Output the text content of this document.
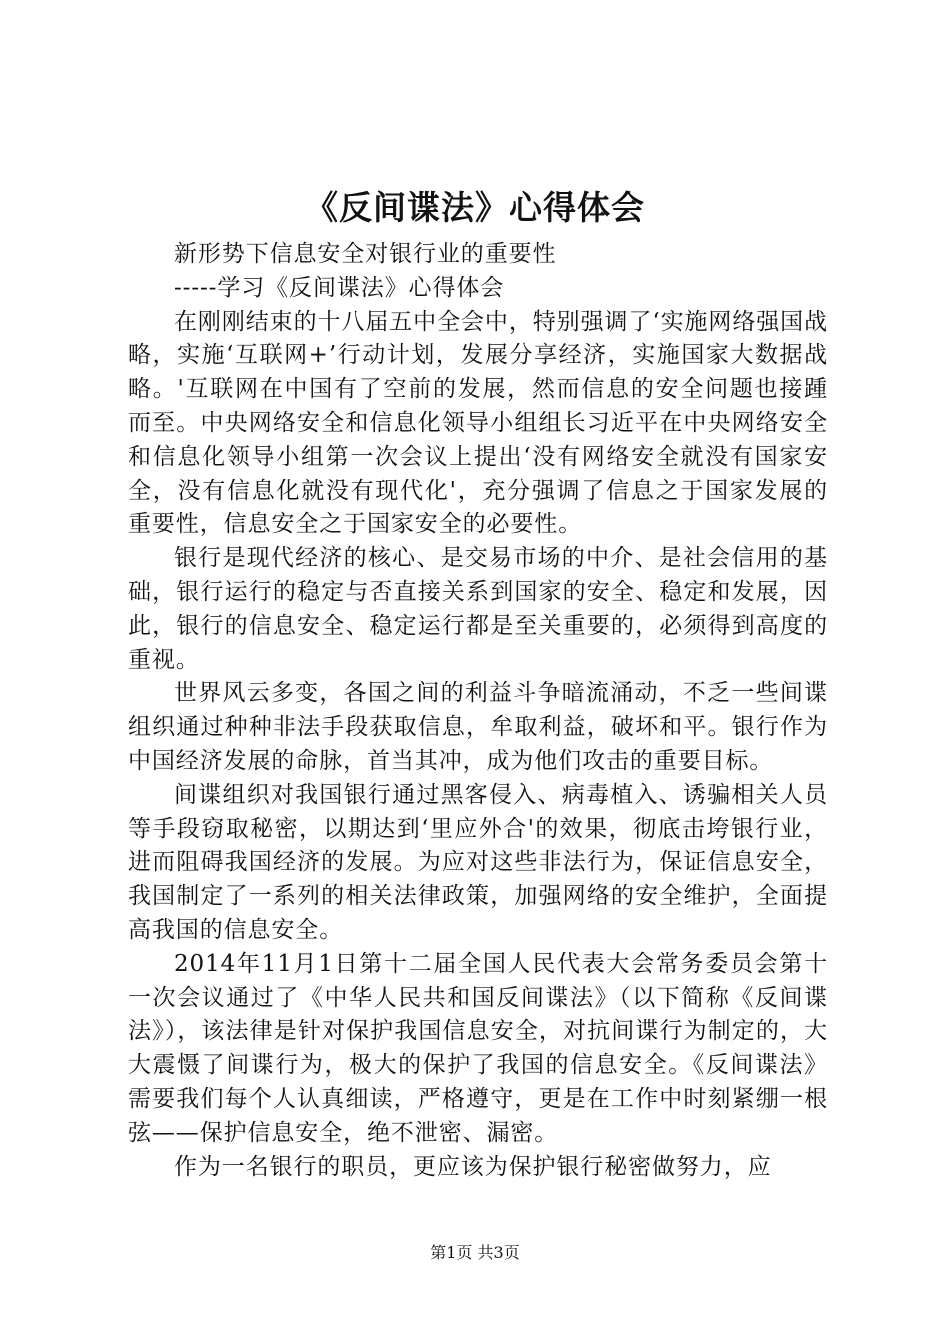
《反间谍法》心得体会

新形势下信息安全对银行业的重要性

-----学习《反间谍法》心得体会

在刚刚结束的十八届五中全会中，特别强调了‘实施网络强国战略，实施‘互联网+’行动计划，发展分享经济，实施国家大数据战略。'互联网在中国有了空前的发展，然而信息的安全问题也接踵而至。中央网络安全和信息化领导小组组长习近平在中央网络安全和信息化领导小组第一次会议上提出‘没有网络安全就没有国家安全，没有信息化就没有现代化'，充分强调了信息之于国家发展的重要性，信息安全之于国家安全的必要性。

银行是现代经济的核心、是交易市场的中介、是社会信用的基础，银行运行的稳定与否直接关系到国家的安全、稳定和发展，因此，银行的信息安全、稳定运行都是至关重要的，必须得到高度的重视。

世界风云多变，各国之间的利益斗争暗流涌动，不乏一些间谍组织通过种种非法手段获取信息，牟取利益，破坏和平。银行作为中国经济发展的命脉，首当其冲，成为他们攻击的重要目标。

间谍组织对我国银行通过黑客侵入、病毒植入、诱骗相关人员等手段窃取秘密，以期达到‘里应外合'的效果，彻底击垮银行业，进而阻碍我国经济的发展。为应对这些非法行为，保证信息安全，我国制定了一系列的相关法律政策，加强网络的安全维护，全面提高我国的信息安全。

2014年11月1日第十二届全国人民代表大会常务委员会第十一次会议通过了《中华人民共和国反间谍法》（以下简称《反间谍法》），该法律是针对保护我国信息安全，对抗间谍行为制定的，大大震慑了间谍行为，极大的保护了我国的信息安全。《反间谍法》需要我们每个人认真细读，严格遵守，更是在工作中时刻紧绷一根弦——保护信息安全，绝不泄密、漏密。

作为一名银行的职员，更应该为保护银行秘密做努力，应

第1页 共3页
